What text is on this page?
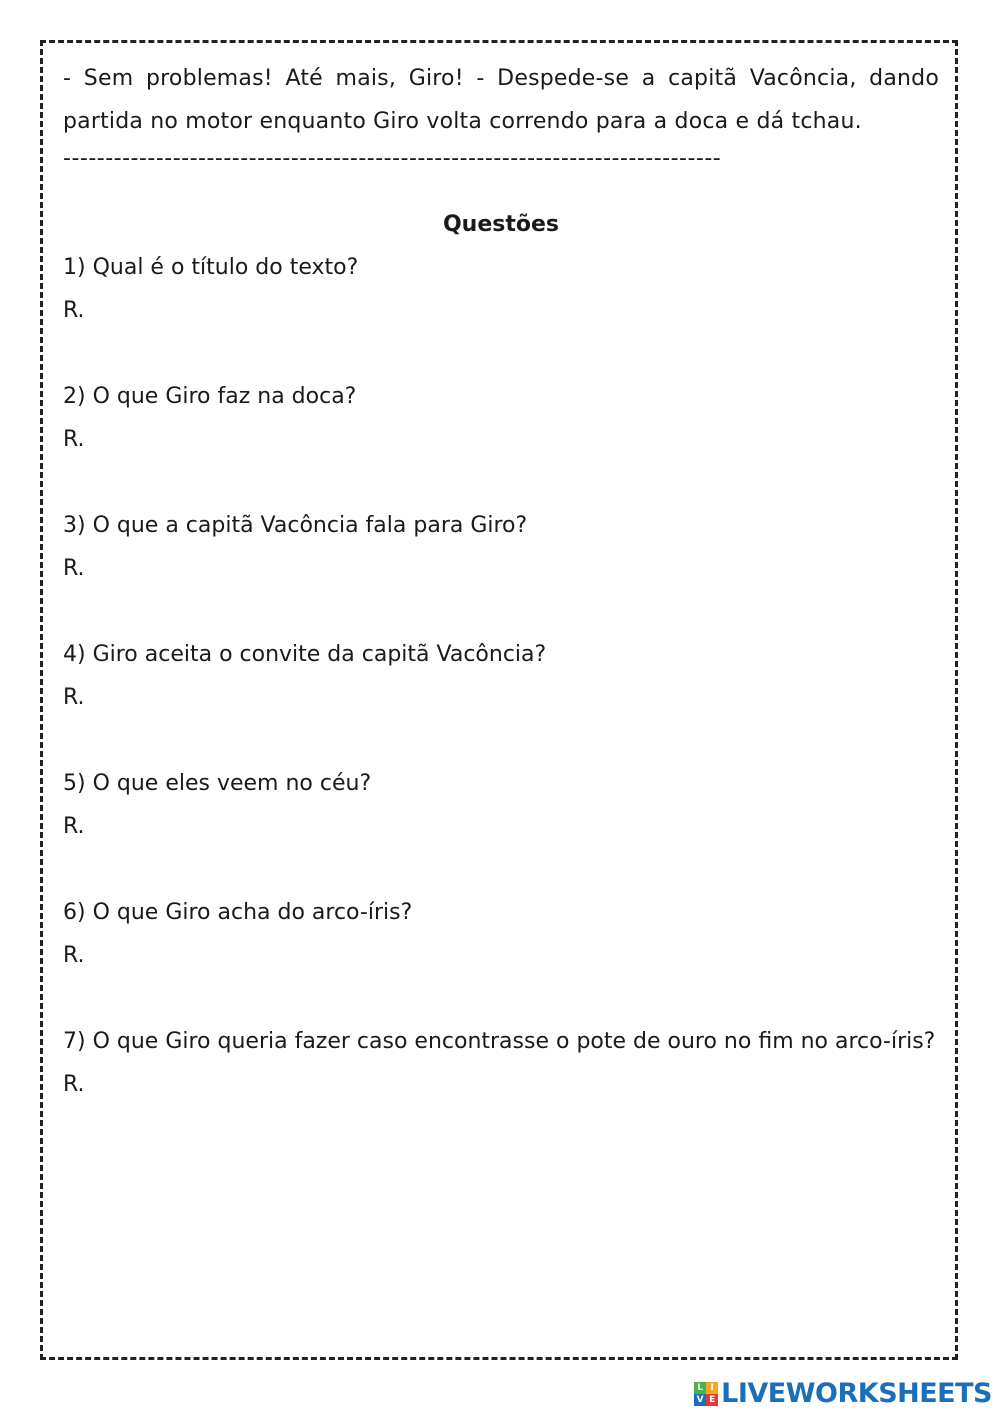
- Sem problemas! Até mais, Giro! - Despede-se a capitã Vacôncia, dando partida no motor enquanto Giro volta correndo para a doca e dá tchau.

------------------------------------------------------------------------------
Questões

1) Qual é o título do texto?

R.

2) O que Giro faz na doca?

R.

3) O que a capitã Vacôncia fala para Giro?

R.

4) Giro aceita o convite da capitã Vacôncia?

R.

5) O que eles veem no céu?

R.

6) O que Giro acha do arco-íris?

R.

7) O que Giro queria fazer caso encontrasse o pote de ouro no fim no arco-íris?

R.

L I
V E LIVEWORKSHEETS
